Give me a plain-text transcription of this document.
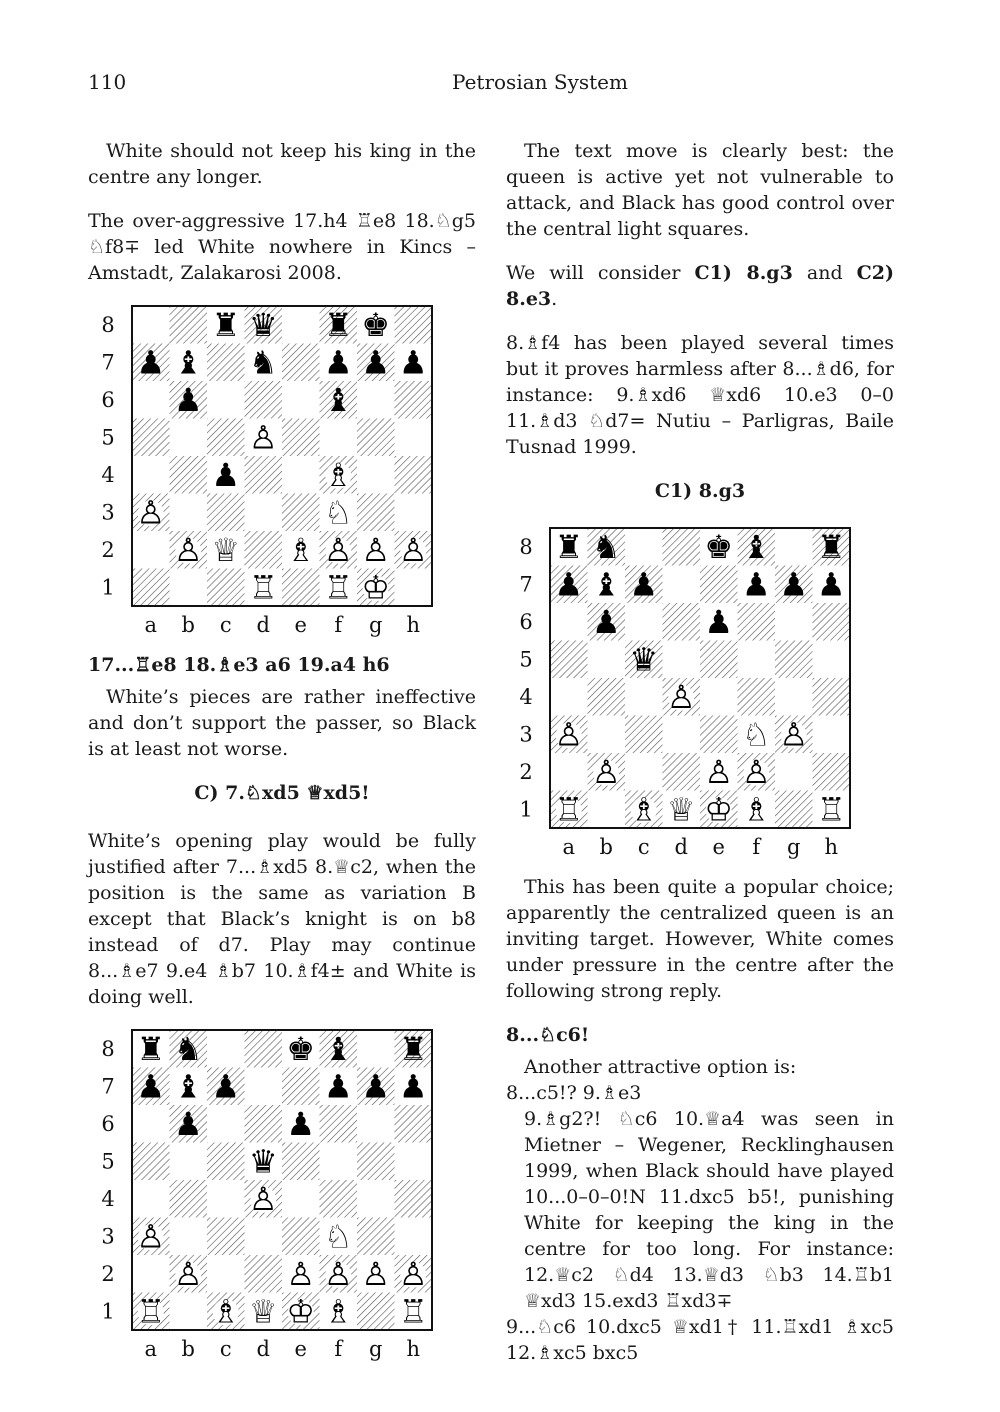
110	Petrosian System

White should not keep his king in the centre any longer.

The over-aggressive 17.h4 ♖e8 18.♘g5 ♘f8∓ led White nowhere in Kincs – Amstadt, Zalakarosi 2008.

8
7
6
5
4
3
2
1
a b c d e f g h
♜ ♛ ♜ ♚
♟ ♝ ♞ ♟ ♟ ♟
♟	♝
♙
♟	♗
♙	♘
♙ ♕ ♗ ♙ ♙ ♙
♖ ♖ ♔

17...♖e8 18.♗e3 a6 19.a4 h6

White’s pieces are rather ineffective and don’t support the passer, so Black is at least not worse.

C) 7.♘xd5 ♕xd5!

White’s opening play would be fully justified after 7...♗xd5 8.♕c2, when the position is the same as variation B except that Black’s knight is on b8 instead of d7. Play may continue 8...♗e7 9.e4 ♗b7 10.♗f4± and White is doing well.

8
7
6
5
4
3
2
1
a b c d e f g h
♜ ♞	♚ ♝ ♜
♟ ♝ ♟	♟ ♟ ♟
♟	♟
♛
♙
♙	♘
♙	♙ ♙ ♙ ♙
♖ ♗ ♕ ♔ ♗ ♖

The text move is clearly best: the queen is active yet not vulnerable to attack, and Black has good control over the central light squares.

We will consider C1) 8.g3 and C2) 8.e3.

8.♗f4 has been played several times but it proves harmless after 8...♗d6, for instance: 9.♗xd6 ♕xd6 10.e3 0–0 11.♗d3 ♘d7= Nutiu – Parligras, Baile Tusnad 1999.

C1) 8.g3

8
7
6
5
4
3
2
1
a b c d e f g h
♜ ♞	♚ ♝ ♜
♟ ♝ ♟	♟ ♟ ♟
♟	♟
♛
♙
♙	♘ ♙
♙	♙ ♙
♖ ♗ ♕ ♔ ♗ ♖

This has been quite a popular choice; apparently the centralized queen is an inviting target. However, White comes under pressure in the centre after the following strong reply.

8...♘c6!

Another attractive option is:

8...c5!? 9.♗e3

9.♗g2?! ♘c6 10.♕a4 was seen in Mietner – Wegener, Recklinghausen 1999, when Black should have played 10...0–0–0!N 11.dxc5 b5!, punishing White for keeping the king in the centre for too long. For instance: 12.♕c2 ♘d4 13.♕d3 ♘b3 14.♖b1 ♕xd3 15.exd3 ♖xd3∓

9...♘c6 10.dxc5 ♕xd1† 11.♖xd1 ♗xc5 12.♗xc5 bxc5
